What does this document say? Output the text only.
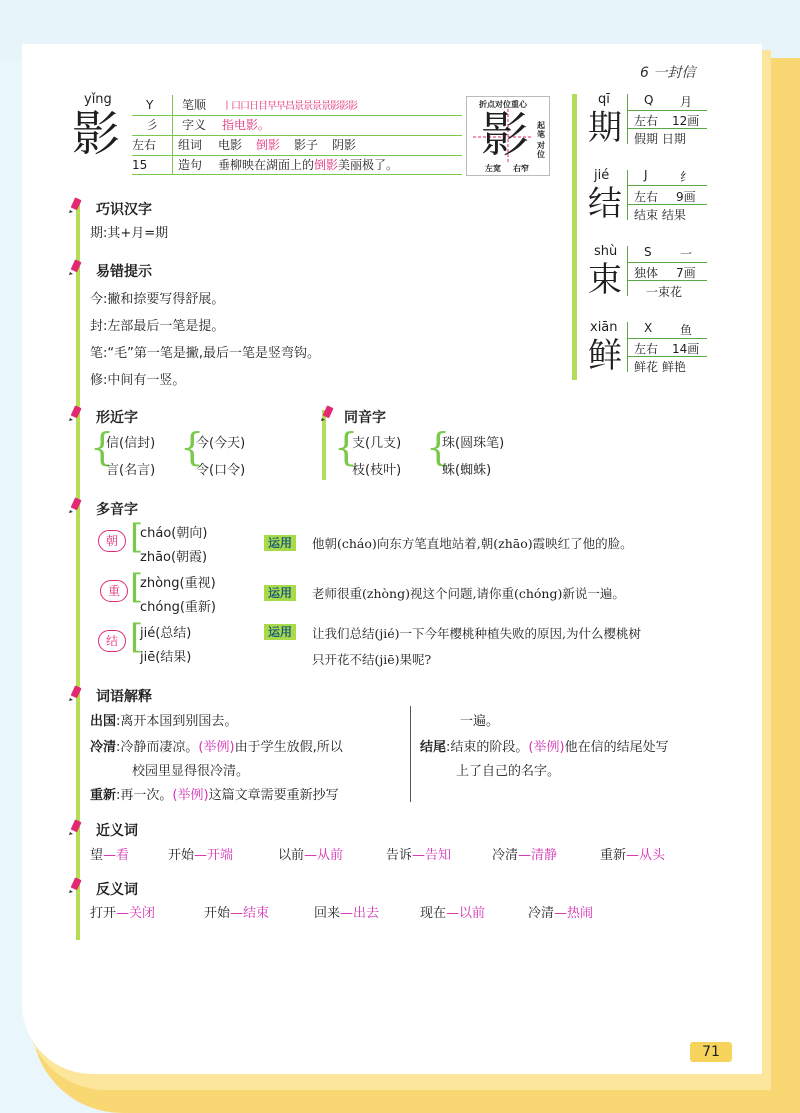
6 一封信
yǐng
影
Y 笔顺 丨口口日目早早昌景景景景影影影
彡 字义 指电影。
左右 组词 电影 倒影 影子 阴影
15	造句 垂柳映在湖面上的倒影美丽极了。
折点对位重心
影 起笔
对位
左宽 右窄
qī
期
Q 月
左右 12画
假期 日期
jié
结
J	纟
左右 9画
结束 结果
shù
束
S 一
独体 7画
一束花
xiān
鲜
X 鱼
左右 14画
鲜花 鲜艳
巧识汉字
期:其+月=期
易错提示
今:撇和捺要写得舒展。
封:左部最后一笔是提。
笔:“毛”第一笔是撇,最后一笔是竖弯钩。
修:中间有一竖。
形近字
{
信(信封)
言(名言)
{
今(今天)
令(口令)
同音字
{
支(几支)
枝(枝叶)
{
珠(圆珠笔)
蛛(蜘蛛)
多音字
朝 [
cháo(朝向)
zhāo(朝霞)
运用	他朝(cháo)向东方笔直地站着,朝(zhāo)霞映红了他的脸。
重 [
zhòng(重视)
chóng(重新)
运用	老师很重(zhòng)视这个问题,请你重(chóng)新说一遍。
结 [
jié(总结)
jiē(结果)
运用	让我们总结(jié)一下今年樱桃种植失败的原因,为什么樱桃树
只开花不结(jiē)果呢?
词语解释
出国:离开本国到别国去。
冷清:冷静而凄凉。(举例)由于学生放假,所以
校园里显得很冷清。
重新:再一次。(举例)这篇文章需要重新抄写
一遍。
结尾:结束的阶段。(举例)他在信的结尾处写
上了自己的名字。
近义词
望—看	开始—开端	以前—从前	告诉—告知	冷清—清静	重新—从头
反义词
打开—关闭	开始—结束	回来—出去	现在—以前	冷清—热闹
71
